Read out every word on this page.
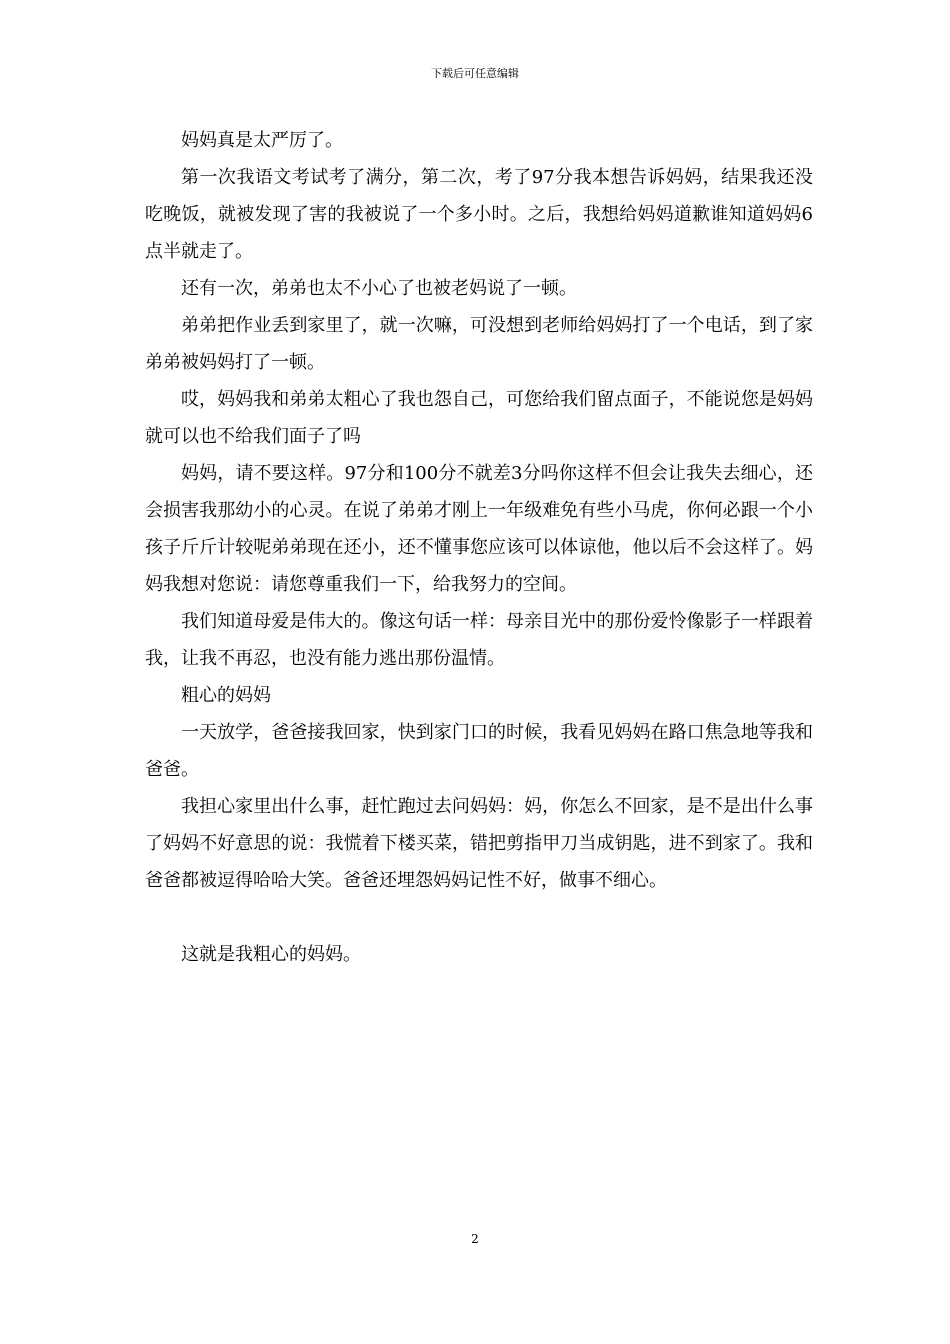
下载后可任意编辑

妈妈真是太严厉了。

第一次我语文考试考了满分，第二次，考了97分我本想告诉妈妈，结果我还没吃晚饭，就被发现了害的我被说了一个多小时。之后，我想给妈妈道歉谁知道妈妈6点半就走了。

还有一次，弟弟也太不小心了也被老妈说了一顿。

弟弟把作业丢到家里了，就一次嘛，可没想到老师给妈妈打了一个电话，到了家弟弟被妈妈打了一顿。

哎，妈妈我和弟弟太粗心了我也怨自己，可您给我们留点面子，不能说您是妈妈就可以也不给我们面子了吗

妈妈，请不要这样。97分和100分不就差3分吗你这样不但会让我失去细心，还会损害我那幼小的心灵。在说了弟弟才刚上一年级难免有些小马虎，你何必跟一个小孩子斤斤计较呢弟弟现在还小，还不懂事您应该可以体谅他，他以后不会这样了。妈妈我想对您说：请您尊重我们一下，给我努力的空间。

我们知道母爱是伟大的。像这句话一样：母亲目光中的那份爱怜像影子一样跟着我，让我不再忍，也没有能力逃出那份温情。

粗心的妈妈

一天放学，爸爸接我回家，快到家门口的时候，我看见妈妈在路口焦急地等我和爸爸。

我担心家里出什么事，赶忙跑过去问妈妈：妈，你怎么不回家，是不是出什么事了妈妈不好意思的说：我慌着下楼买菜，错把剪指甲刀当成钥匙，进不到家了。我和爸爸都被逗得哈哈大笑。爸爸还埋怨妈妈记性不好，做事不细心。

这就是我粗心的妈妈。

2
